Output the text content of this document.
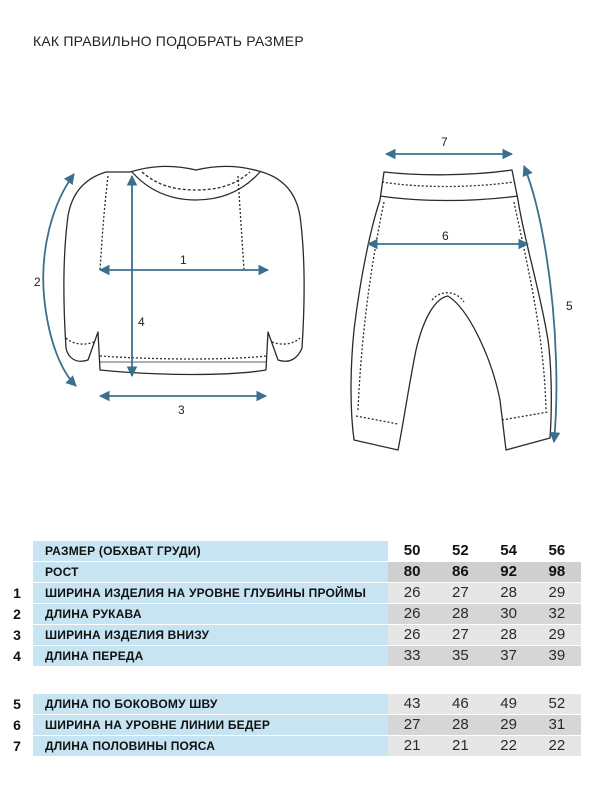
КАК ПРАВИЛЬНО ПОДОБРАТЬ РАЗМЕР
1
2
3
4
7
6
5
РАЗМЕР (ОБХВАТ ГРУДИ)	50	52	54	56
РОСТ	80	86	92	98
1	ШИРИНА ИЗДЕЛИЯ НА УРОВНЕ ГЛУБИНЫ ПРОЙМЫ	26	27	28	29
2	ДЛИНА РУКАВА	26	28	30	32
3	ШИРИНА ИЗДЕЛИЯ ВНИЗУ	26	27	28	29
4	ДЛИНА ПЕРЕДА	33	35	37	39
5	ДЛИНА ПО БОКОВОМУ ШВУ	43	46	49	52
6	ШИРИНА НА УРОВНЕ ЛИНИИ БЕДЕР	27	28	29	31
7	ДЛИНА ПОЛОВИНЫ ПОЯСА	21	21	22	22
